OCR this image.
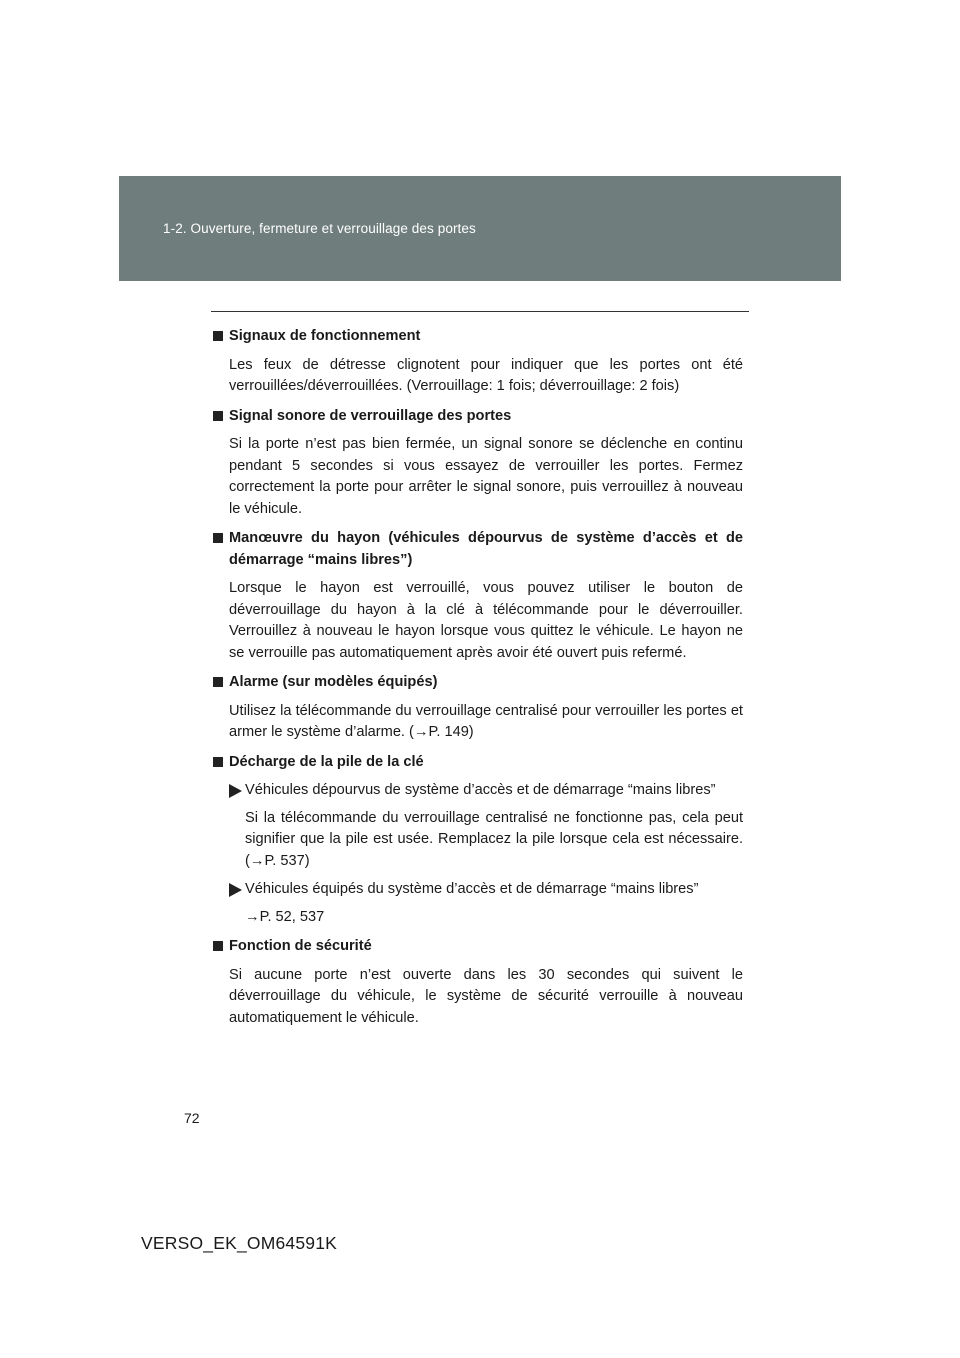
1-2. Ouverture, fermeture et verrouillage des portes
Signaux de fonctionnement
Les feux de détresse clignotent pour indiquer que les portes ont été verrouillées/déverrouillées. (Verrouillage: 1 fois; déverrouillage: 2 fois)
Signal sonore de verrouillage des portes
Si la porte n’est pas bien fermée, un signal sonore se déclenche en continu pendant 5 secondes si vous essayez de verrouiller les portes. Fermez correctement la porte pour arrêter le signal sonore, puis verrouillez à nouveau le véhicule.
Manœuvre du hayon (véhicules dépourvus de système d’accès et de démarrage “mains libres”)
Lorsque le hayon est verrouillé, vous pouvez utiliser le bouton de déverrouillage du hayon à la clé à télécommande pour le déverrouiller. Verrouillez à nouveau le hayon lorsque vous quittez le véhicule. Le hayon ne se verrouille pas automatiquement après avoir été ouvert puis refermé.
Alarme (sur modèles équipés)
Utilisez la télécommande du verrouillage centralisé pour verrouiller les portes et armer le système d’alarme. (→P. 149)
Décharge de la pile de la clé
Véhicules dépourvus de système d’accès et de démarrage “mains libres”
Si la télécommande du verrouillage centralisé ne fonctionne pas, cela peut signifier que la pile est usée. Remplacez la pile lorsque cela est nécessaire. (→P. 537)
Véhicules équipés du système d’accès et de démarrage “mains libres”
→P. 52, 537
Fonction de sécurité
Si aucune porte n’est ouverte dans les 30 secondes qui suivent le déverrouillage du véhicule, le système de sécurité verrouille à nouveau automatiquement le véhicule.
72
VERSO_EK_OM64591K
